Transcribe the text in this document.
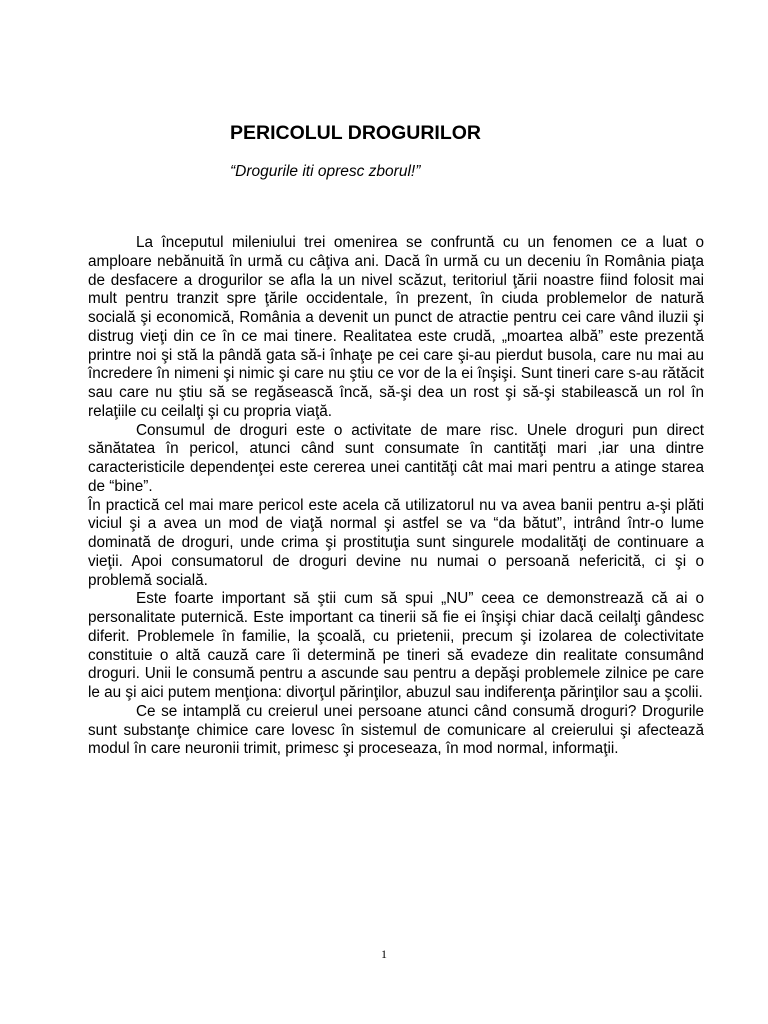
PERICOLUL DROGURILOR
“Drogurile iti opresc zborul!”

La începutul mileniului trei omenirea se confruntă cu un fenomen ce a luat o amploare nebănuită în urmă cu câţiva ani. Dacă în urmă cu un deceniu în România piaţa de desfacere a drogurilor se afla la un nivel scăzut, teritoriul ţării noastre fiind folosit mai mult pentru tranzit spre ţările occidentale, în prezent, în ciuda problemelor de natură socială şi economică, România a devenit un punct de atractie pentru cei care vând iluzii şi distrug vieţi din ce în ce mai tinere. Realitatea este crudă, „moartea albă” este prezentă printre noi şi stă la pândă gata să-i înhaţe pe cei care şi-au pierdut busola, care nu mai au încredere în nimeni şi nimic şi care nu ştiu ce vor de la ei înşişi. Sunt tineri care s-au rătăcit sau care nu ştiu să se regăsească încă, să-şi dea un rost şi să-şi stabilească un rol în relaţiile cu ceilalţi şi cu propria viaţă.

Consumul de droguri este o activitate de mare risc. Unele droguri pun direct sănătatea în pericol, atunci când sunt consumate în cantităţi mari ,iar una dintre caracteristicile dependenţei este cererea unei cantităţi cât mai mari pentru a atinge starea de “bine”.

În practică cel mai mare pericol este acela că utilizatorul nu va avea banii pentru a-şi plăti viciul şi a avea un mod de viaţă normal şi astfel se va “da bătut”, intrând într-o lume dominată de droguri, unde crima şi prostituţia sunt singurele modalităţi de continuare a vieţii. Apoi consumatorul de droguri devine nu numai o persoană nefericită, ci şi o problemă socială.

Este foarte important să ştii cum să spui „NU” ceea ce demonstrează că ai o personalitate puternică. Este important ca tinerii să fie ei înşişi chiar dacă ceilalţi gândesc diferit. Problemele în familie, la şcoală, cu prietenii, precum şi izolarea de colectivitate constituie o altă cauză care îi determină pe tineri să evadeze din realitate consumând droguri. Unii le consumă pentru a ascunde sau pentru a depăşi problemele zilnice pe care le au şi aici putem menţiona: divorţul părinţilor, abuzul sau indiferenţa părinţilor sau a şcolii.

Ce se intamplă cu creierul unei persoane atunci când consumă droguri? Drogurile sunt substanţe chimice care lovesc în sistemul de comunicare al creierului şi afectează modul în care neuronii trimit, primesc şi proceseaza, în mod normal, informaţii.

1
